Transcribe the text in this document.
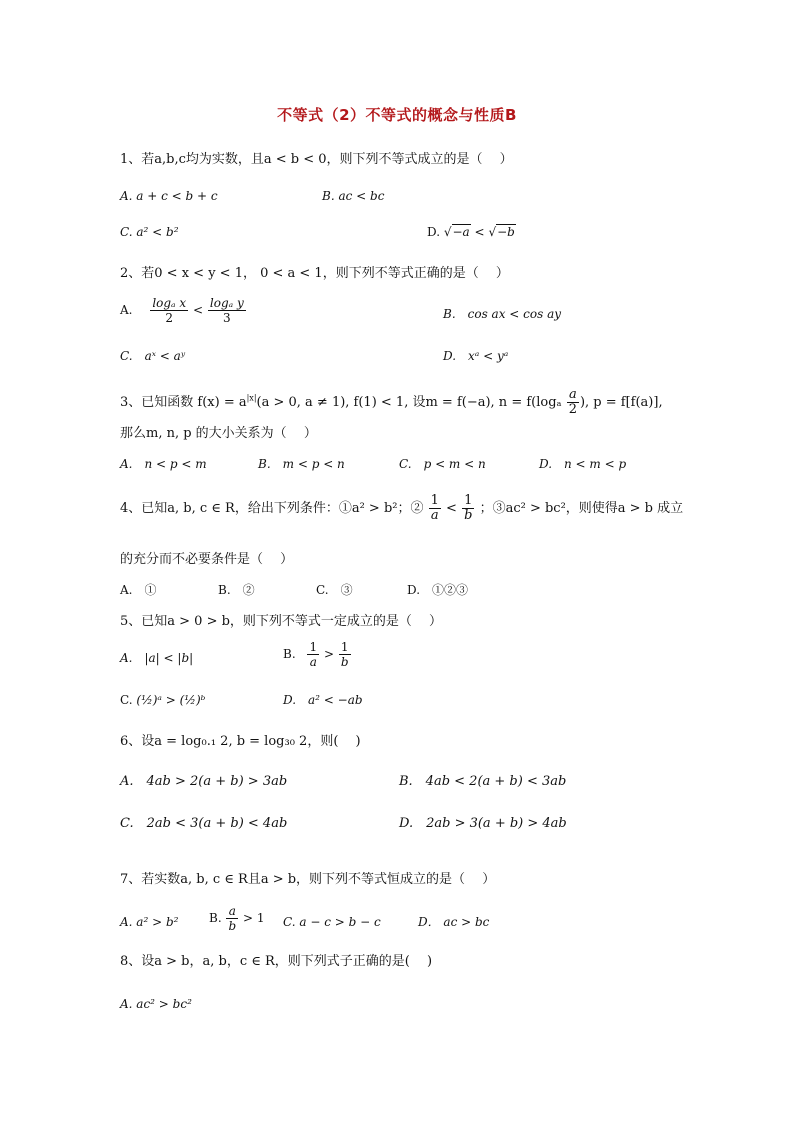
不等式（2）不等式的概念与性质B
1、若a,b,c均为实数，且a < b < 0，则下列不等式成立的是（　 ）
A. a + c < b + c	B. ac < bc
C. a² < b²	D. √−a < √−b
2、若0 < x < y < 1， 0 < a < 1，则下列不等式正确的是（　 ）
A. $\frac{\text{logₐ x}}{2} < \frac{\text{logₐ y}}{3}$	B.　cos ax < cos ay
C.　aˣ < aʸ	D.　xᵃ < yᵃ
3、已知函数 $f(x) = a^{|x|}(a > 0$, a ≠ 1), f(1) < 1, 设m = f(−a), $n = f(\log_a \frac{a}{2}$ ), p = f[f(a)],
那么m, n, p 的大小关系为（　 ）
A.　n < p < m	B.　m < p < n	C.　p < m < n	D.　n < m < p
4、已知a, b, c ∈ R，给出下列条件：①a² > b²；② $\frac{1}{a} < \frac{1}{b}$ ；③ac² > bc²，则使得a > b 成立
的充分而不必要条件是（　 ）
A.　①	B.　②	C.　③	D.　①②③
5、已知a > 0 > b，则下列不等式一定成立的是（　 ）
A.　|a| < |b|	B. $\frac{1}{a} > \frac{1}{b}$
C. (½)ᵃ > (½)ᵇ	D.　a² < −ab
6、设a = log₀.₁ 2, b = log₃₀ 2，则(　 )
A.　4ab > 2(a + b) > 3ab	B.　4ab < 2(a + b) < 3ab
C.　2ab < 3(a + b) < 4ab	D.　2ab > 3(a + b) > 4ab
7、若实数a, b, c ∈ R且a > b，则下列不等式恒成立的是（　 ）
A. a² > b²	B. $\frac{a}{b} > 1$ C. a − c > b − c	D． ac > bc
8、设a > b，a, b，c ∈ R，则下列式子正确的是(　 )
A. ac² > bc²
